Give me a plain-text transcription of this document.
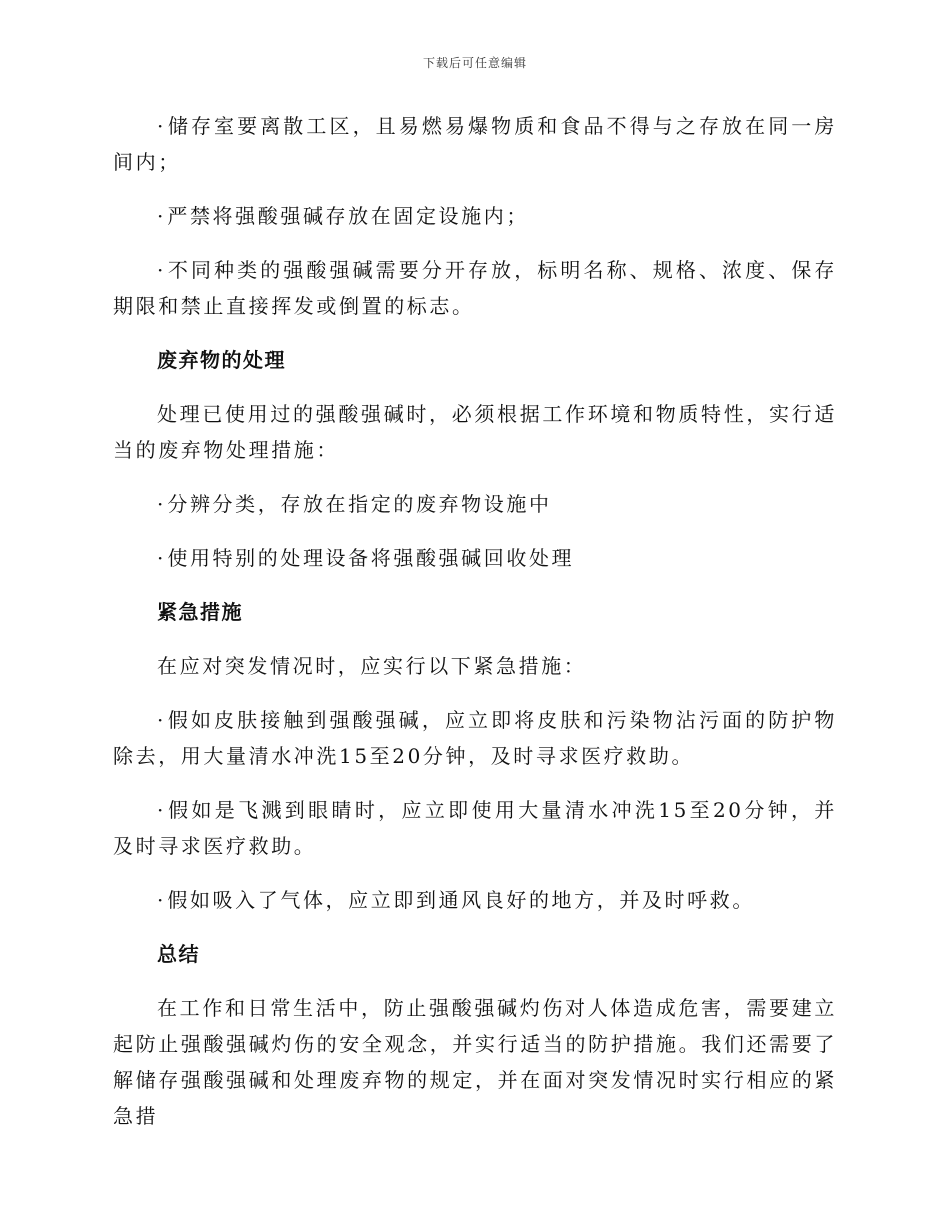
下载后可任意编辑

· 储存室要离散工区，且易燃易爆物质和食品不得与之存放在同一房间内；

· 严禁将强酸强碱存放在固定设施内；

· 不同种类的强酸强碱需要分开存放，标明名称、规格、浓度、保存期限和禁止直接挥发或倒置的标志。

废弃物的处理

处理已使用过的强酸强碱时，必须根据工作环境和物质特性，实行适当的废弃物处理措施：

· 分辨分类，存放在指定的废弃物设施中

· 使用特别的处理设备将强酸强碱回收处理

紧急措施

在应对突发情况时，应实行以下紧急措施：

· 假如皮肤接触到强酸强碱，应立即将皮肤和污染物沾污面的防护物除去，用大量清水冲洗15至20分钟，及时寻求医疗救助。

· 假如是飞溅到眼睛时，应立即使用大量清水冲洗15至20分钟，并及时寻求医疗救助。

· 假如吸入了气体，应立即到通风良好的地方，并及时呼救。

总结

在工作和日常生活中，防止强酸强碱灼伤对人体造成危害，需要建立起防止强酸强碱灼伤的安全观念，并实行适当的防护措施。我们还需要了解储存强酸强碱和处理废弃物的规定，并在面对突发情况时实行相应的紧急措
